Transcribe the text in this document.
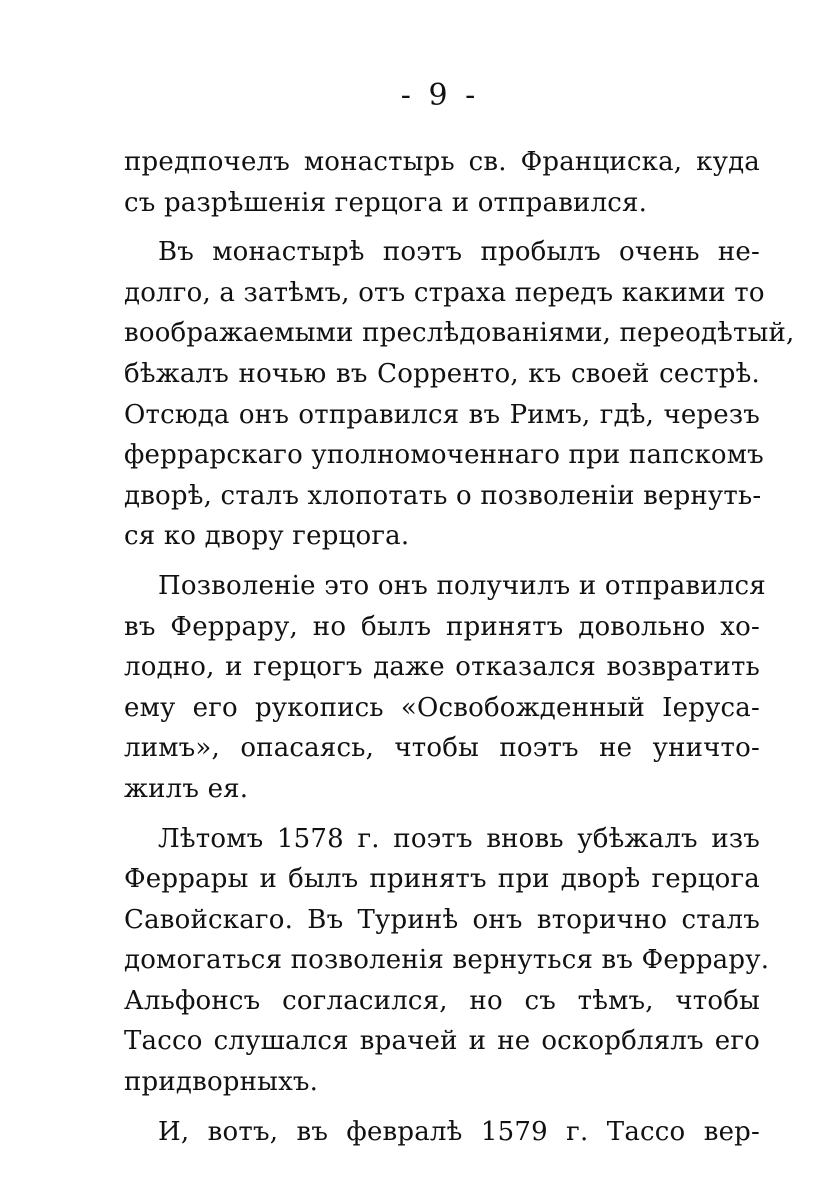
- 9 -
предпочелъ монастырь св. Франциска, куда
съ разрѣшенія герцога и отправился.
Въ монастырѣ поэтъ пробылъ очень не-
долго, а затѣмъ, отъ страха передъ какими то
воображаемыми преслѣдованіями, переодѣтый,
бѣжалъ ночью въ Сорренто, къ своей сестрѣ.
Отсюда онъ отправился въ Римъ, гдѣ, черезъ
феррарскаго уполномоченнаго при папскомъ
дворѣ, сталъ хлопотать о позволеніи вернуть-
ся ко двору герцога.
Позволеніе это онъ получилъ и отправился
въ Феррару, но былъ принятъ довольно хо-
лодно, и герцогъ даже отказался возвратить
ему его рукопись «Освобожденный Іеруса-
лимъ», опасаясь, чтобы поэтъ не уничто-
жилъ ея.
Лѣтомъ 1578 г. поэтъ вновь убѣжалъ изъ
Феррары и былъ принятъ при дворѣ герцога
Савойскаго. Въ Туринѣ онъ вторично сталъ
домогаться позволенія вернуться въ Феррару.
Альфонсъ согласился, но съ тѣмъ, чтобы
Тассо слушался врачей и не оскорблялъ его
придворныхъ.
И, вотъ, въ февралѣ 1579 г. Тассо вер-
